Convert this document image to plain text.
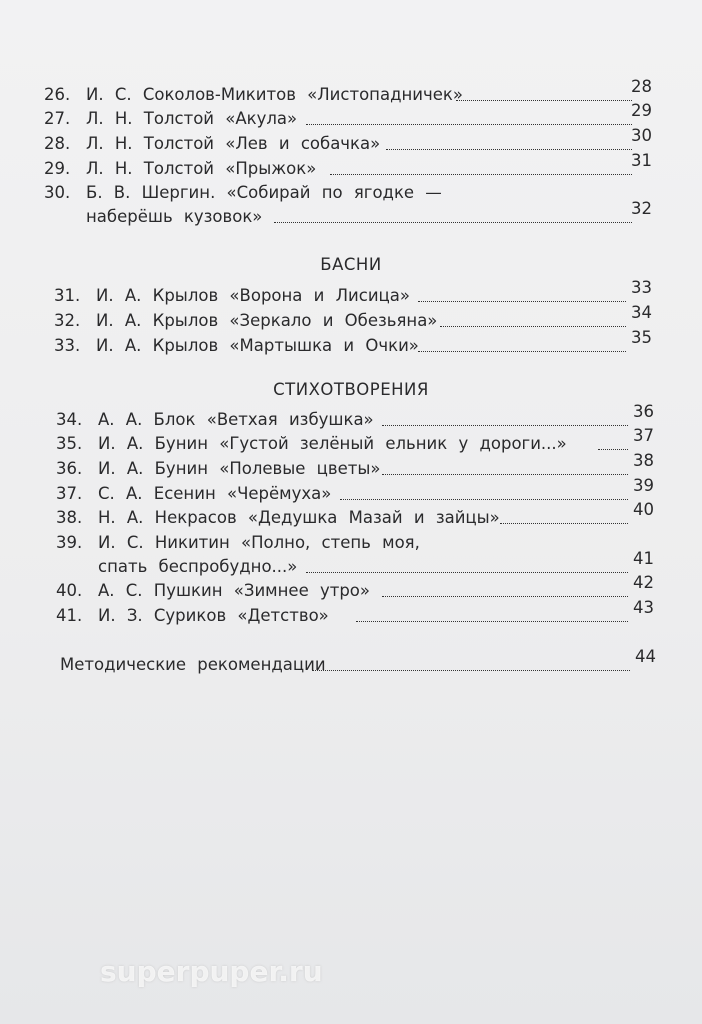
26. И. С. Соколов-Микитов «Листопадничек»	28
27. Л. Н. Толстой «Акула»	29
28. Л. Н. Толстой «Лев и собачка»	30
29. Л. Н. Толстой «Прыжок»	31
30. Б. В. Шергин. «Собирай по ягодке —
наберёшь кузовок»	32
БАСНИ
31. И. А. Крылов «Ворона и Лисица»	33
32. И. А. Крылов «Зеркало и Обезьяна»	34
33. И. А. Крылов «Мартышка и Очки»	35
СТИХОТВОРЕНИЯ
34. А. А. Блок «Ветхая избушка»	36
35. И. А. Бунин «Густой зелёный ельник у дороги...»	37
36. И. А. Бунин «Полевые цветы»	38
37. С. А. Есенин «Черёмуха»	39
38. Н. А. Некрасов «Дедушка Мазай и зайцы»	40
39. И. С. Никитин «Полно, степь моя,
спать беспробудно...»	41
40. А. С. Пушкин «Зимнее утро»	42
41. И. З. Суриков «Детство»	43
Методические рекомендации	44
superpuper.ru
